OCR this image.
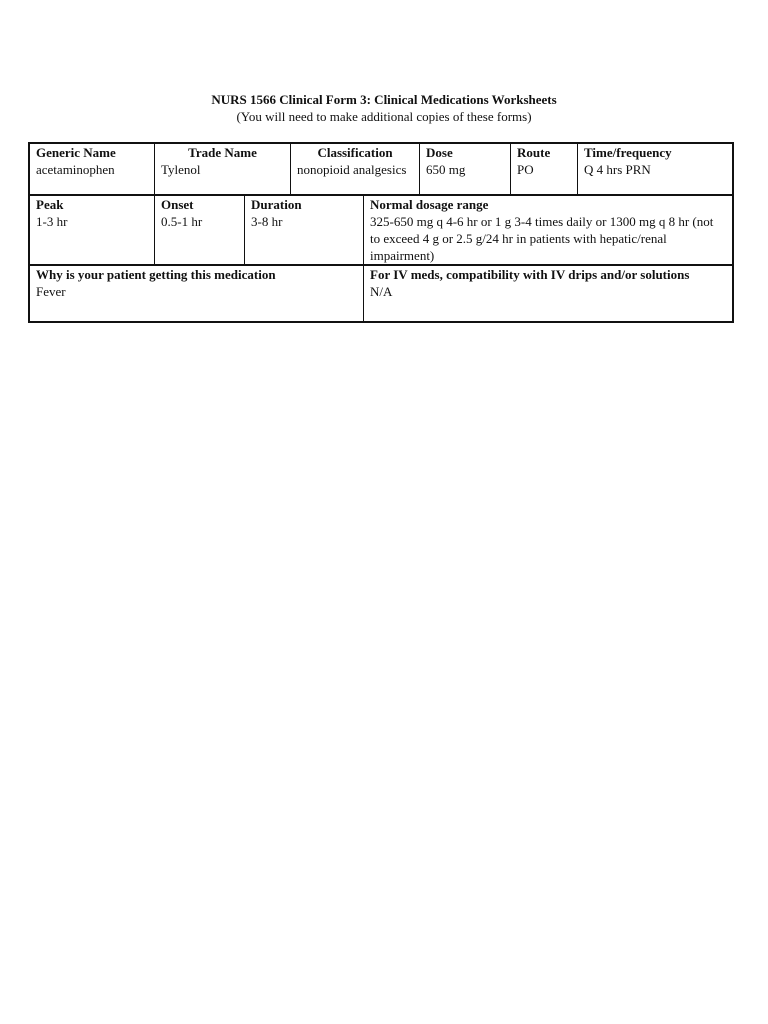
NURS 1566 Clinical Form 3: Clinical Medications Worksheets
(You will need to make additional copies of these forms)
Generic Name
acetaminophen
Trade Name
Tylenol
Classification
nonopioid analgesics
Dose
650 mg
Route
PO
Time/frequency
Q 4 hrs PRN
Peak
1-3 hr
Onset
0.5-1 hr
Duration
3-8 hr
Normal dosage range
325-650 mg q 4-6 hr or 1 g 3-4 times daily or 1300 mg q 8 hr (not to exceed 4 g or 2.5 g/24 hr in patients with hepatic/renal impairment)
Why is your patient getting this medication
Fever
For IV meds, compatibility with IV drips and/or solutions
N/A
